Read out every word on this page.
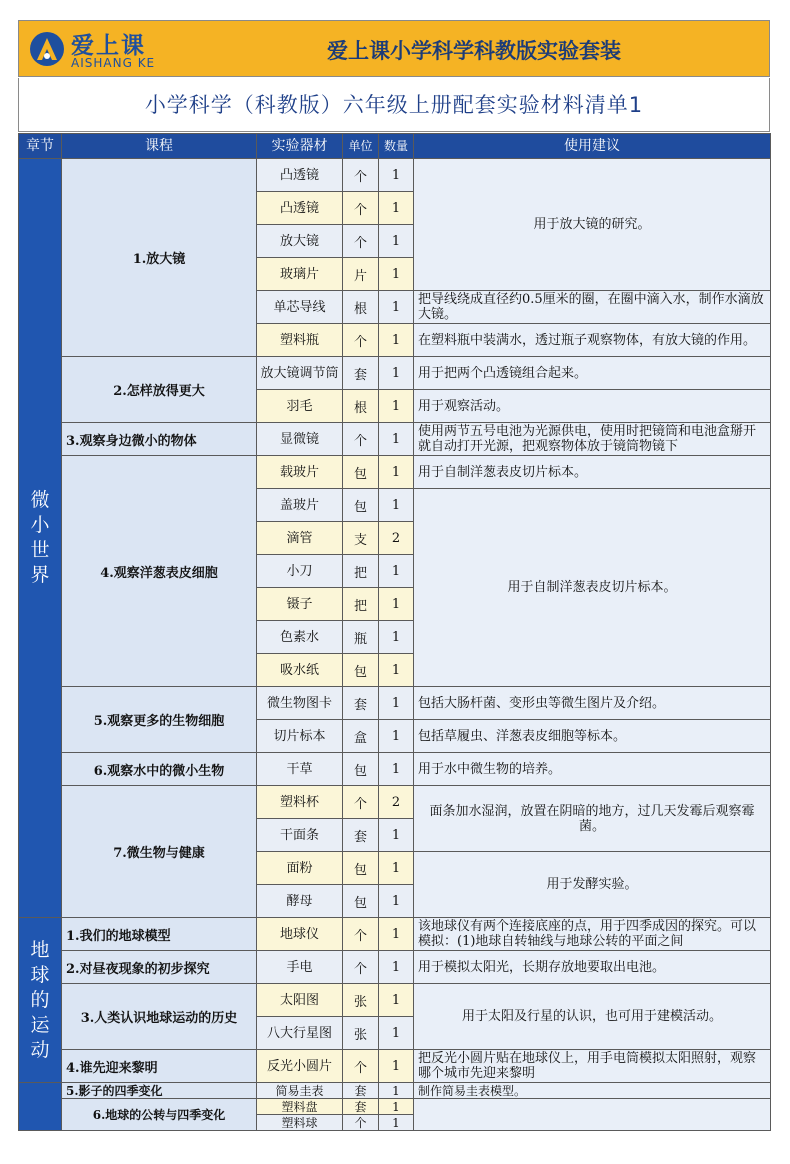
爱上课
AISHANG KE	爱上课小学科学科教版实验套装
小学科学（科教版）六年级上册配套实验材料清单1
章节	课程	实验器材	单位	数量	使用建议

微小世界	1.放大镜	凸透镜	个	1	用于放大镜的研究。
		凸透镜	个	1	
		放大镜	个	1	
		玻璃片	片	1	
		单芯导线	根	1	把导线绕成直径约0.5厘米的圈，在圈中滴入水，制作水滴放大镜。
		塑料瓶	个	1	在塑料瓶中装满水，透过瓶子观察物体，有放大镜的作用。
	2.怎样放得更大	放大镜调节筒	套	1	用于把两个凸透镜组合起来。
		羽毛	根	1	用于观察活动。
	3.观察身边微小的物体	显微镜	个	1	使用两节五号电池为光源供电，使用时把镜筒和电池盒掰开就自动打开光源，把观察物体放于镜筒物镜下
	4.观察洋葱表皮细胞	载玻片	包	1	用于自制洋葱表皮切片标本。
		盖玻片	包	1	用于自制洋葱表皮切片标本。
		滴管	支	2	
		小刀	把	1	
		镊子	把	1	
		色素水	瓶	1	
		吸水纸	包	1	
	5.观察更多的生物细胞	微生物图卡	套	1	包括大肠杆菌、变形虫等微生图片及介绍。
		切片标本	盒	1	包括草履虫、洋葱表皮细胞等标本。
	6.观察水中的微小生物	干草	包	1	用于水中微生物的培养。
	7.微生物与健康	塑料杯	个	2	面条加水湿润，放置在阴暗的地方，过几天发霉后观察霉菌。
		干面条	套	1	
		面粉	包	1	用于发酵实验。
		酵母	包	1	

地球的运动	1.我们的地球模型	地球仪	个	1	该地球仪有两个连接底座的点，用于四季成因的探究。可以模拟：(1)地球自转轴线与地球公转的平面之间
	2.对昼夜现象的初步探究	手电	个	1	用于模拟太阳光，长期存放地要取出电池。
	3.人类认识地球运动的历史	太阳图	张	1	用于太阳及行星的认识，也可用于建模活动。
		八大行星图	张	1	
	4.谁先迎来黎明	反光小圆片	个	1	把反光小圆片贴在地球仪上，用手电筒模拟太阳照射，观察哪个城市先迎来黎明
	5.影子的四季变化	简易圭表	套	1	制作简易圭表模型。
	6.地球的公转与四季变化	塑料盘	套	1	
		塑料球	个	1	
